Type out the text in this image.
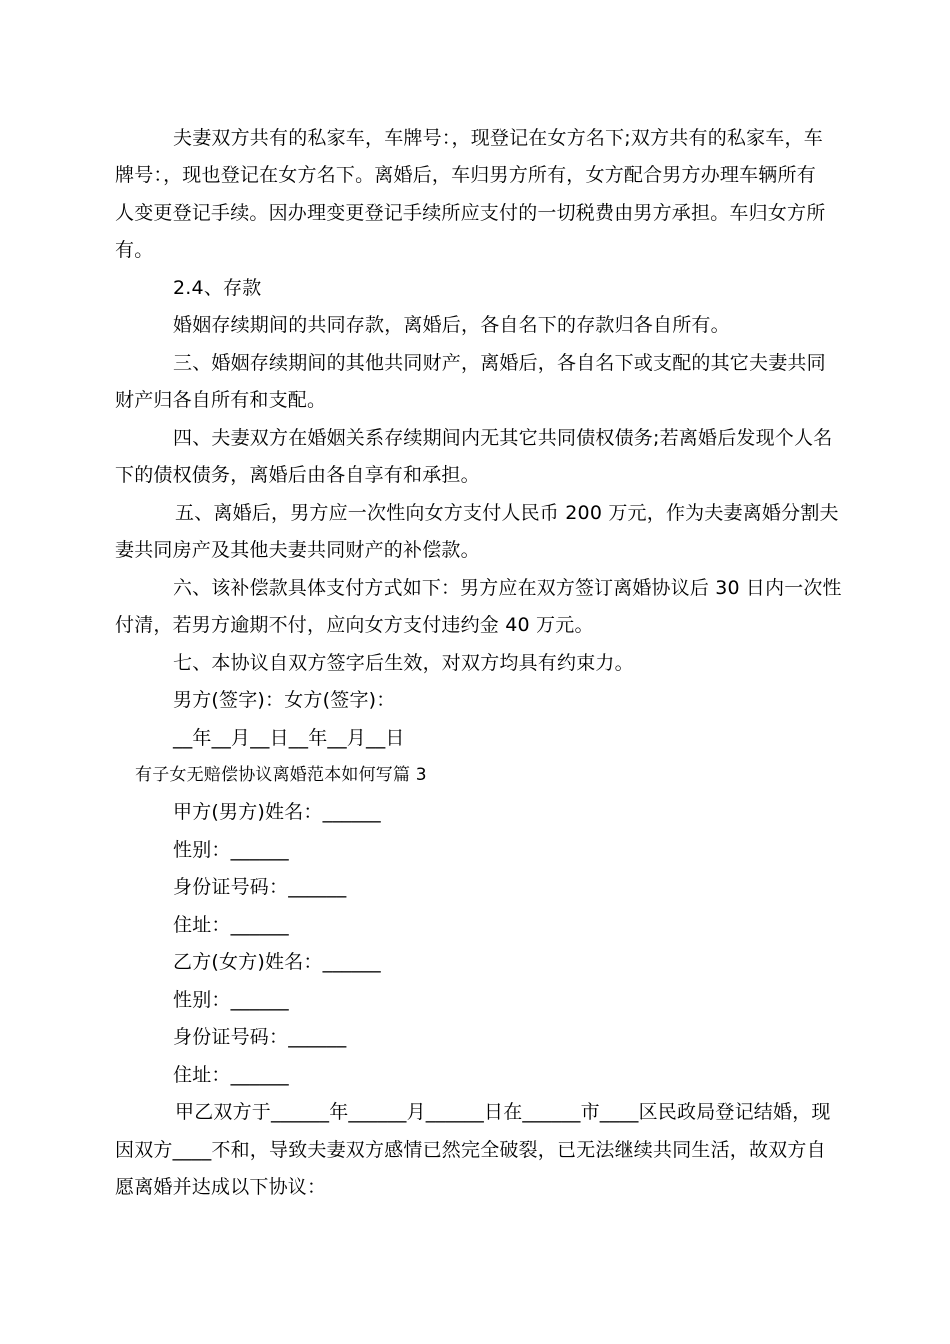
夫妻双方共有的私家车，车牌号：，现登记在女方名下;双方共有的私家车，车
牌号：，现也登记在女方名下。离婚后，车归男方所有，女方配合男方办理车辆所有
人变更登记手续。因办理变更登记手续所应支付的一切税费由男方承担。车归女方所
有。
2.4、存款
婚姻存续期间的共同存款，离婚后，各自名下的存款归各自所有。
三、婚姻存续期间的其他共同财产，离婚后，各自名下或支配的其它夫妻共同
财产归各自所有和支配。
四、夫妻双方在婚姻关系存续期间内无其它共同债权债务;若离婚后发现个人名
下的债权债务，离婚后由各自享有和承担。
五、离婚后，男方应一次性向女方支付人民币 200 万元，作为夫妻离婚分割夫
妻共同房产及其他夫妻共同财产的补偿款。
六、该补偿款具体支付方式如下：男方应在双方签订离婚协议后 30 日内一次性
付清，若男方逾期不付，应向女方支付违约金 40 万元。
七、本协议自双方签字后生效，对双方均具有约束力。
男方(签字)：女方(签字)：
__年__月__日__年__月__日
有子女无赔偿协议离婚范本如何写篇 3
甲方(男方)姓名：______
性别：______
身份证号码：______
住址：______
乙方(女方)姓名：______
性别：______
身份证号码：______
住址：______
甲乙双方于______年______月______日在______市____区民政局登记结婚，现
因双方____不和，导致夫妻双方感情已然完全破裂，已无法继续共同生活，故双方自
愿离婚并达成以下协议：
